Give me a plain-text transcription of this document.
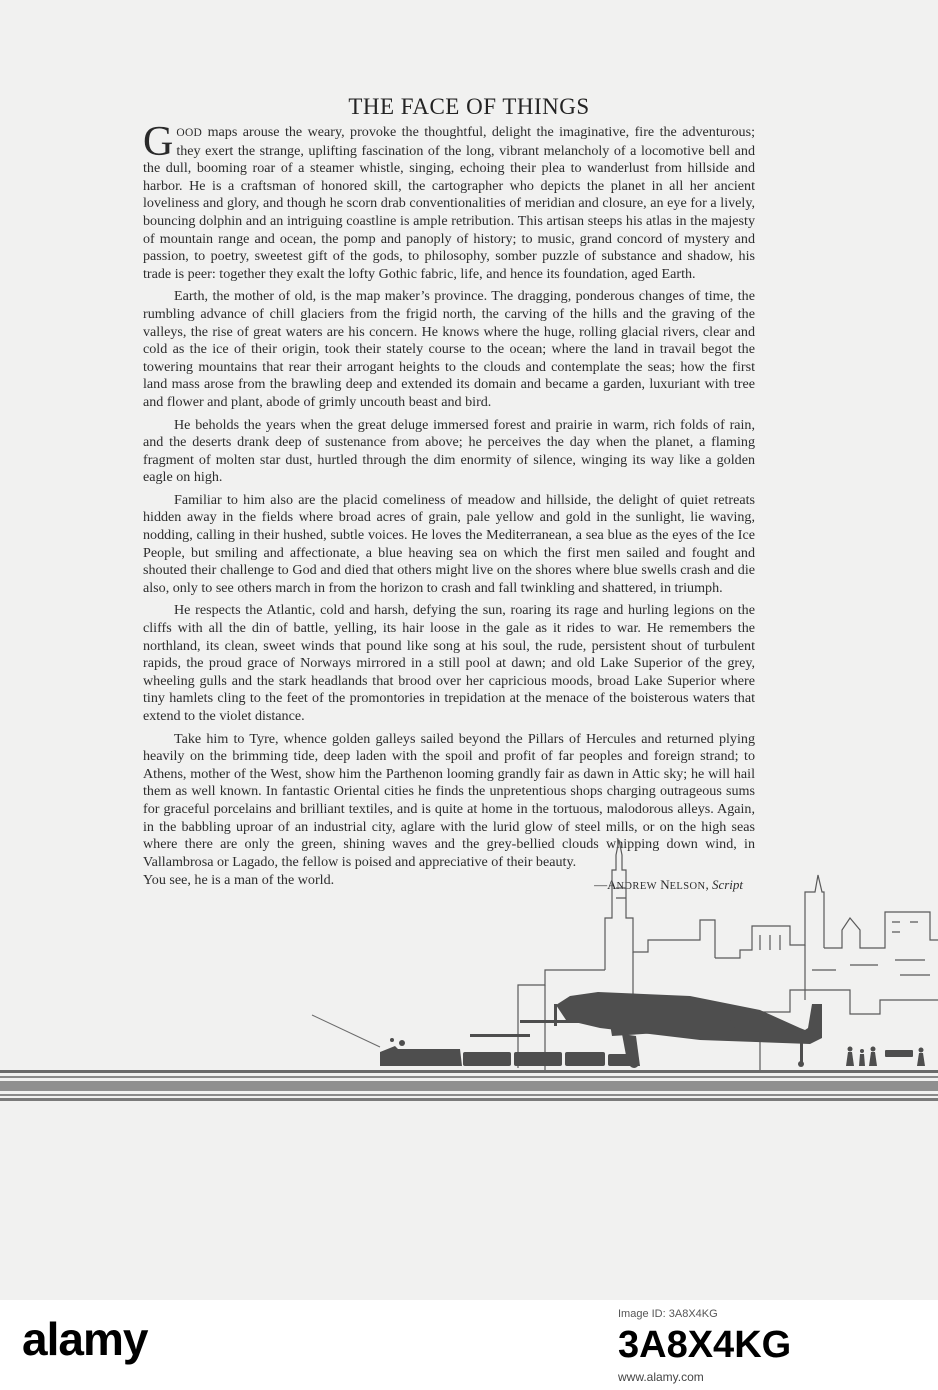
THE FACE OF THINGS

GOOD maps arouse the weary, provoke the thoughtful, delight the imaginative, fire the adventurous; they exert the strange, uplifting fascination of the long, vibrant melancholy of a locomotive bell and the dull, booming roar of a steamer whistle, singing, echoing their plea to wanderlust from hillside and harbor. He is a craftsman of honored skill, the cartographer who depicts the planet in all her ancient loveliness and glory, and though he scorn drab conventionalities of meridian and closure, an eye for a lively, bouncing dolphin and an intriguing coastline is ample retribution. This artisan steeps his atlas in the majesty of mountain range and ocean, the pomp and panoply of history; to music, grand concord of mystery and passion, to poetry, sweetest gift of the gods, to philosophy, somber puzzle of substance and shadow, his trade is peer: together they exalt the lofty Gothic fabric, life, and hence its foundation, aged Earth.

Earth, the mother of old, is the map maker’s province. The dragging, ponderous changes of time, the rumbling advance of chill glaciers from the frigid north, the carving of the hills and the graving of the valleys, the rise of great waters are his concern. He knows where the huge, rolling glacial rivers, clear and cold as the ice of their origin, took their stately course to the ocean; where the land in travail begot the towering mountains that rear their arrogant heights to the clouds and contemplate the seas; how the first land mass arose from the brawling deep and extended its domain and became a garden, luxuriant with tree and flower and plant, abode of grimly uncouth beast and bird.

He beholds the years when the great deluge immersed forest and prairie in warm, rich folds of rain, and the deserts drank deep of sustenance from above; he perceives the day when the planet, a flaming fragment of molten star dust, hurtled through the dim enormity of silence, winging its way like a golden eagle on high.

Familiar to him also are the placid comeliness of meadow and hillside, the delight of quiet retreats hidden away in the fields where broad acres of grain, pale yellow and gold in the sunlight, lie waving, nodding, calling in their hushed, subtle voices. He loves the Mediterranean, a sea blue as the eyes of the Ice People, but smiling and affectionate, a blue heaving sea on which the first men sailed and fought and shouted their challenge to God and died that others might live on the shores where blue swells crash and die also, only to see others march in from the horizon to crash and fall twinkling and shattered, in triumph.

He respects the Atlantic, cold and harsh, defying the sun, roaring its rage and hurling legions on the cliffs with all the din of battle, yelling, its hair loose in the gale as it rides to war. He remembers the northland, its clean, sweet winds that pound like song at his soul, the rude, persistent shout of turbulent rapids, the proud grace of Norways mirrored in a still pool at dawn; and old Lake Superior of the grey, wheeling gulls and the stark headlands that brood over her capricious moods, broad Lake Superior where tiny hamlets cling to the feet of the promontories in trepidation at the menace of the boisterous waters that extend to the violet distance.

Take him to Tyre, whence golden galleys sailed beyond the Pillars of Hercules and returned plying heavily on the brimming tide, deep laden with the spoil and profit of far peoples and foreign strand; to Athens, mother of the West, show him the Parthenon looming grandly fair as dawn in Attic sky; he will hail them as well known. In fantastic Oriental cities he finds the unpretentious shops charging outrageous sums for graceful porcelains and brilliant textiles, and is quite at home in the tortuous, malodorous alleys. Again, in the babbling uproar of an industrial city, aglare with the lurid glow of steel mills, or on the high seas where there are only the green, shining waves and the grey-bellied clouds whipping down wind, in Vallambrosa or Lagado, the fellow is poised and appreciative of their beauty.

You see, he is a man of the world.	—ANDREW NELSON, Script
alamy	Image ID: 3A8X4KG
3A8X4KG
www.alamy.com
